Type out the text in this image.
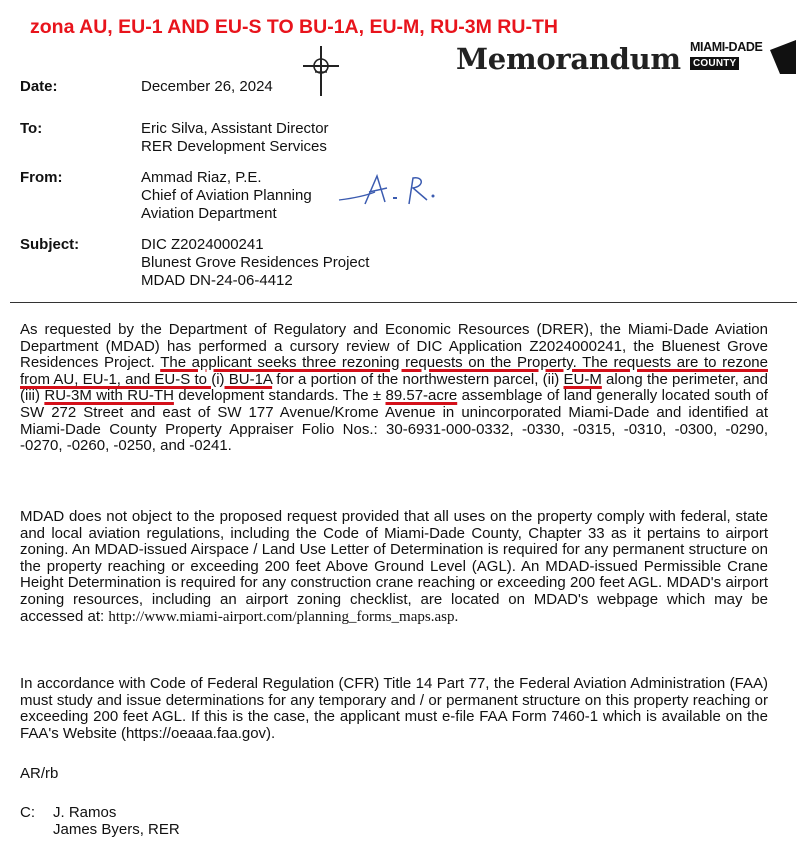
zona AU, EU-1 AND EU-S TO BU-1A, EU-M, RU-3M RU-TH
Memorandum MIAMI-DADE
COUNTY
Date:	December 26, 2024
To:	Eric Silva, Assistant Director
RER Development Services
From:	Ammad Riaz, P.E.
Chief of Aviation Planning
Aviation Department
Subject:	DIC Z2024000241
Blunest Grove Residences Project
MDAD DN-24-06-4412

As requested by the Department of Regulatory and Economic Resources (DRER), the Miami-Dade Aviation Department (MDAD) has performed a cursory review of DIC Application Z2024000241, the Bluenest Grove Residences Project. The applicant seeks three rezoning requests on the Property. The requests are to rezone from AU, EU-1, and EU-S to (i) BU-1A for a portion of the northwestern parcel, (ii) EU-M along the perimeter, and (iii) RU-3M with RU-TH development standards. The ± 89.57-acre assemblage of land generally located south of SW 272 Street and east of SW 177 Avenue/Krome Avenue in unincorporated Miami-Dade and identified at Miami-Dade County Property Appraiser Folio Nos.: 30-6931-000-0332, -0330, -0315, -0310, -0300, -0290, -0270, -0260, -0250, and -0241.

MDAD does not object to the proposed request provided that all uses on the property comply with federal, state and local aviation regulations, including the Code of Miami-Dade County, Chapter 33 as it pertains to airport zoning. An MDAD-issued Airspace / Land Use Letter of Determination is required for any permanent structure on the property reaching or exceeding 200 feet Above Ground Level (AGL). An MDAD-issued Permissible Crane Height Determination is required for any construction crane reaching or exceeding 200 feet AGL. MDAD's airport zoning resources, including an airport zoning checklist, are located on MDAD's webpage which may be accessed at: http://www.miami-airport.com/planning_forms_maps.asp.

In accordance with Code of Federal Regulation (CFR) Title 14 Part 77, the Federal Aviation Administration (FAA) must study and issue determinations for any temporary and / or permanent structure on this property reaching or exceeding 200 feet AGL. If this is the case, the applicant must e-file FAA Form 7460-1 which is available on the FAA's Website (https://oeaaa.faa.gov).

AR/rb
C: J. Ramos
James Byers, RER
